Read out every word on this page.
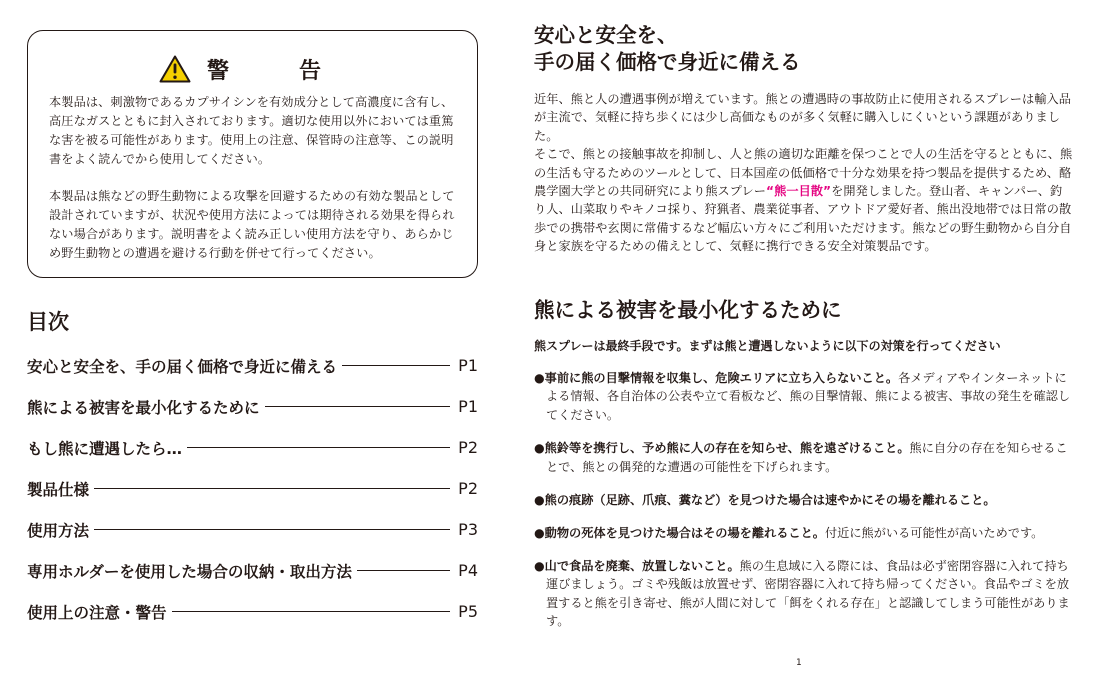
警　告

本製品は、刺激物であるカプサイシンを有効成分として高濃度に含有し、高圧なガスとともに封入されております。適切な使用以外においては重篤な害を被る可能性があります。使用上の注意、保管時の注意等、この説明書をよく読んでから使用してください。

本製品は熊などの野生動物による攻撃を回避するための有効な製品として設計されていますが、状況や使用方法によっては期待される効果を得られない場合があります。説明書をよく読み正しい使用方法を守り、あらかじめ野生動物との遭遇を避ける行動を併せて行ってください。

目次
安心と安全を、手の届く価格で身近に備える	P1
熊による被害を最小化するために	P1
もし熊に遭遇したら…	P2
製品仕様	P2
使用方法	P3
専用ホルダーを使用した場合の収納・取出方法	P4
使用上の注意・警告	P5
安心と安全を、
手の届く価格で身近に備える

近年、熊と人の遭遇事例が増えています。熊との遭遇時の事故防止に使用されるスプレーは輸入品が主流で、気軽に持ち歩くには少し高価なものが多く気軽に購入しにくいという課題がありました。

そこで、熊との接触事故を抑制し、人と熊の適切な距離を保つことで人の生活を守るとともに、熊の生活も守るためのツールとして、日本国産の低価格で十分な効果を持つ製品を提供するため、酪農学園大学との共同研究により熊スプレー“熊一目散”を開発しました。登山者、キャンパー、釣り人、山菜取りやキノコ採り、狩猟者、農業従事者、アウトドア愛好者、熊出没地帯では日常の散歩での携帯や玄関に常備するなど幅広い方々にご利用いただけます。熊などの野生動物から自分自身と家族を守るための備えとして、気軽に携行できる安全対策製品です。

熊による被害を最小化するために

熊スプレーは最終手段です。まずは熊と遭遇しないように以下の対策を行ってください

●事前に熊の目撃情報を収集し、危険エリアに立ち入らないこと。各メディアやインターネットによる情報、各自治体の公表や立て看板など、熊の目撃情報、熊による被害、事故の発生を確認してください。

●熊鈴等を携行し、予め熊に人の存在を知らせ、熊を遠ざけること。熊に自分の存在を知らせることで、熊との偶発的な遭遇の可能性を下げられます。

●熊の痕跡（足跡、爪痕、糞など）を見つけた場合は速やかにその場を離れること。

●動物の死体を見つけた場合はその場を離れること。付近に熊がいる可能性が高いためです。

●山で食品を廃棄、放置しないこと。熊の生息域に入る際には、食品は必ず密閉容器に入れて持ち運びましょう。ゴミや残飯は放置せず、密閉容器に入れて持ち帰ってください。食品やゴミを放置すると熊を引き寄せ、熊が人間に対して「餌をくれる存在」と認識してしまう可能性があります。

1
